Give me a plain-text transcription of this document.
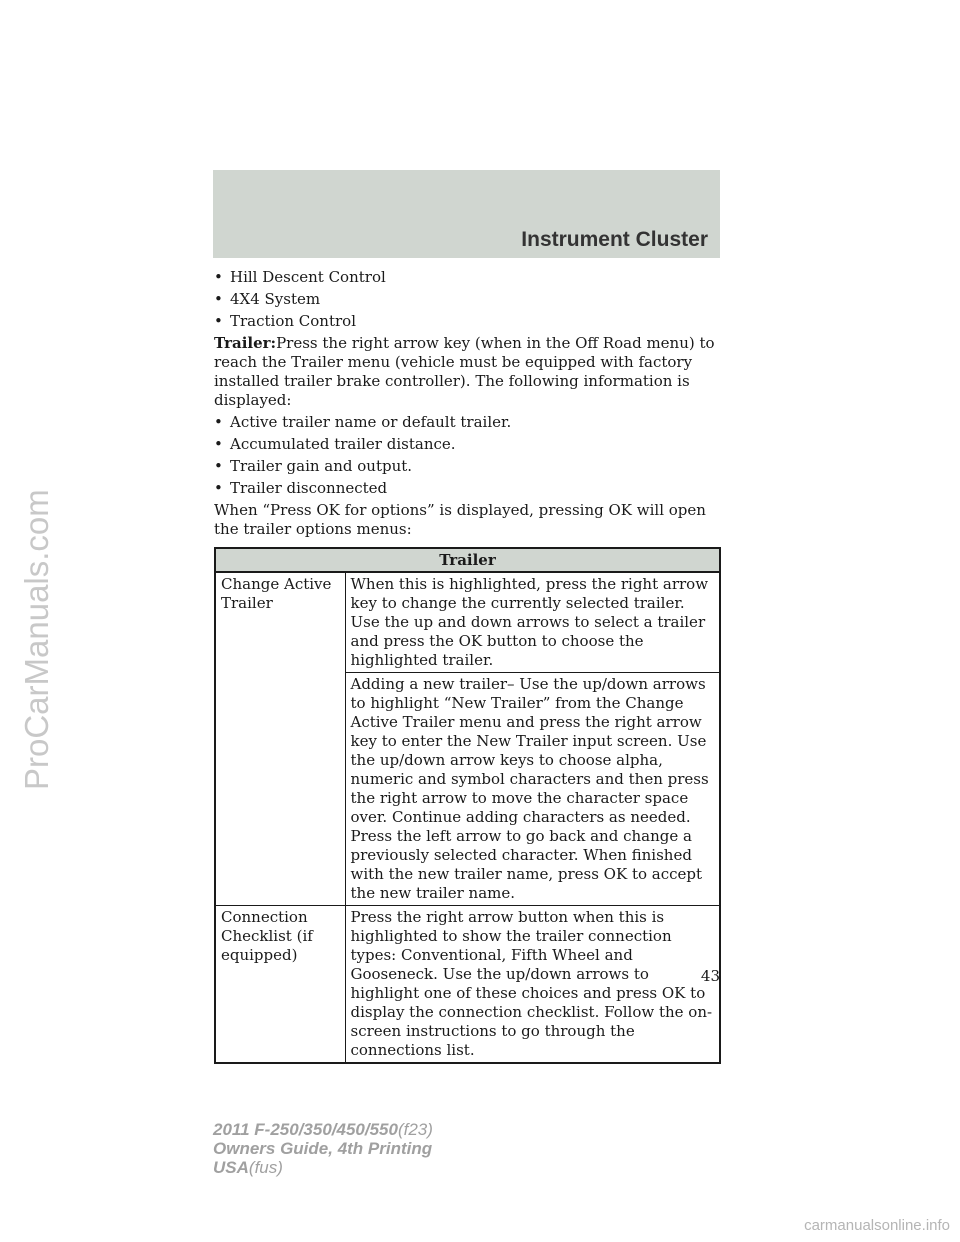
ProCarManuals.com
Instrument Cluster
• Hill Descent Control
• 4X4 System
• Traction Control

Trailer:Press the right arrow key (when in the Off Road menu) to reach the Trailer menu (vehicle must be equipped with factory installed trailer brake controller). The following information is displayed:

• Active trailer name or default trailer.
• Accumulated trailer distance.
• Trailer gain and output.
• Trailer disconnected

When “Press OK for options” is displayed, pressing OK will open the trailer options menus:

Trailer	
Change Active Trailer	When this is highlighted, press the right arrow key to change the currently selected trailer. Use the up and down arrows to select a trailer and press the OK button to choose the highlighted trailer.
	Adding a new trailer– Use the up/down arrows to highlight “New Trailer” from the Change Active Trailer menu and press the right arrow key to enter the New Trailer input screen. Use the up/down arrow keys to choose alpha, numeric and symbol characters and then press the right arrow to move the character space over. Continue adding characters as needed. Press the left arrow to go back and change a previously selected character. When finished with the new trailer name, press OK to accept the new trailer name.
Connection Checklist (if equipped)	Press the right arrow button when this is highlighted to show the trailer connection types: Conventional, Fifth Wheel and Gooseneck. Use the up/down arrows to highlight one of these choices and press OK to display the connection checklist. Follow the on-screen instructions to go through the connections list.
43
2011 F-250/350/450/550(f23)
Owners Guide, 4th Printing
USA(fus)
carmanualsonline.info
